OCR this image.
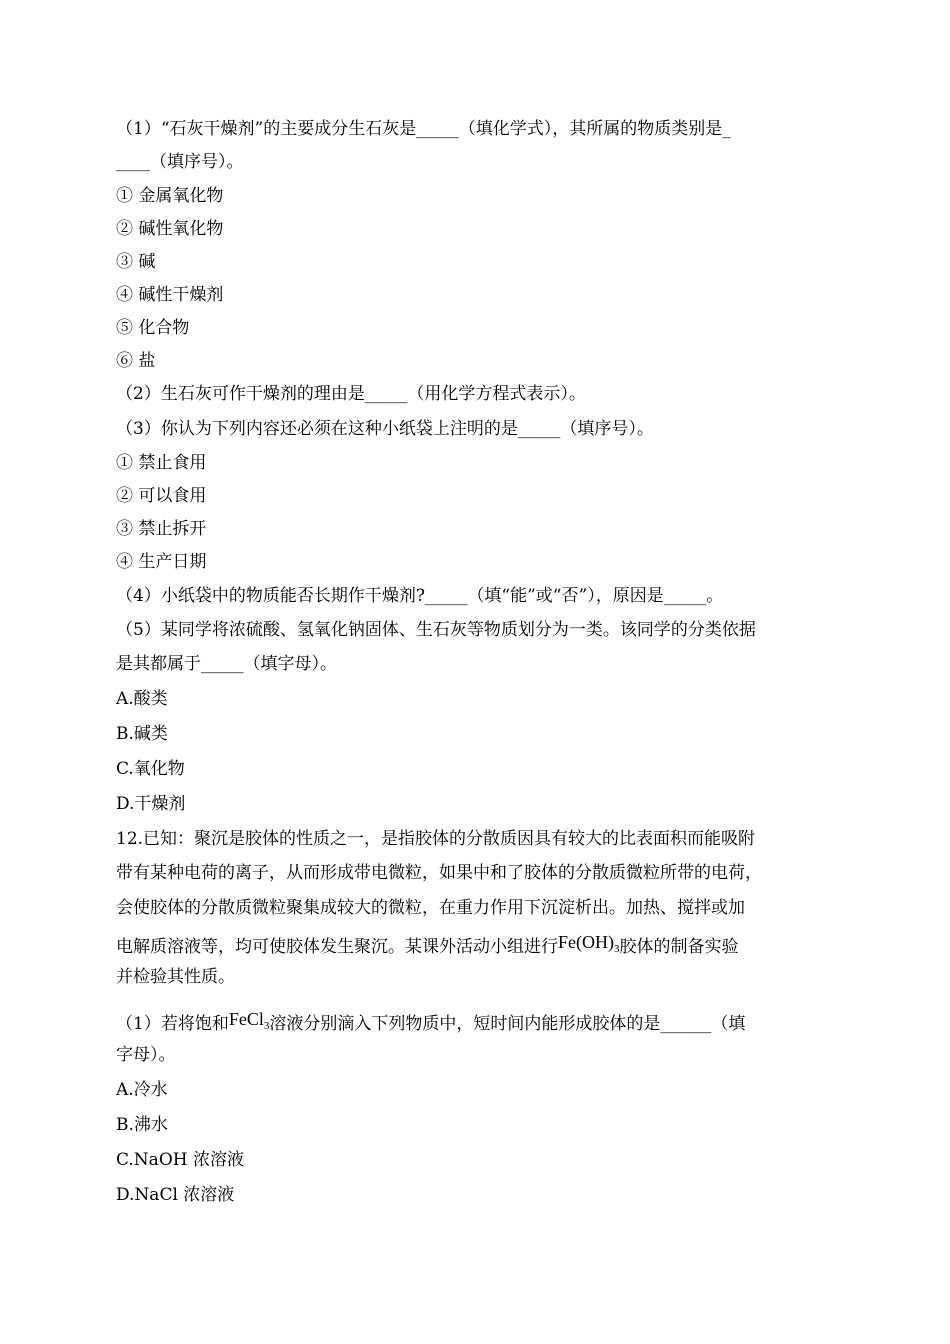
（1）“石灰干燥剂”的主要成分生石灰是_____（填化学式），其所属的物质类别是_
____（填序号）。
① 金属氧化物
② 碱性氧化物
③ 碱
④ 碱性干燥剂
⑤ 化合物
⑥ 盐
（2）生石灰可作干燥剂的理由是_____（用化学方程式表示）。
（3）你认为下列内容还必须在这种小纸袋上注明的是_____（填序号）。
① 禁止食用
② 可以食用
③ 禁止拆开
④ 生产日期
（4）小纸袋中的物质能否长期作干燥剂?_____（填“能”或“否”），原因是_____。
（5）某同学将浓硫酸、氢氧化钠固体、生石灰等物质划分为一类。该同学的分类依据
是其都属于_____（填字母）。
A.酸类
B.碱类
C.氧化物
D.干燥剂
12.已知：聚沉是胶体的性质之一，是指胶体的分散质因具有较大的比表面积而能吸附
带有某种电荷的离子，从而形成带电微粒，如果中和了胶体的分散质微粒所带的电荷，
会使胶体的分散质微粒聚集成较大的微粒，在重力作用下沉淀析出。加热、搅拌或加
电解质溶液等，均可使胶体发生聚沉。某课外活动小组进行$Fe(OH)_3$胶体的制备实验
并检验其性质。
（1）若将饱和FeCl$_3$溶液分别滴入下列物质中，短时间内能形成胶体的是______（填
字母）。
A.冷水
B.沸水
C.NaOH 浓溶液
D.NaCl 浓溶液
